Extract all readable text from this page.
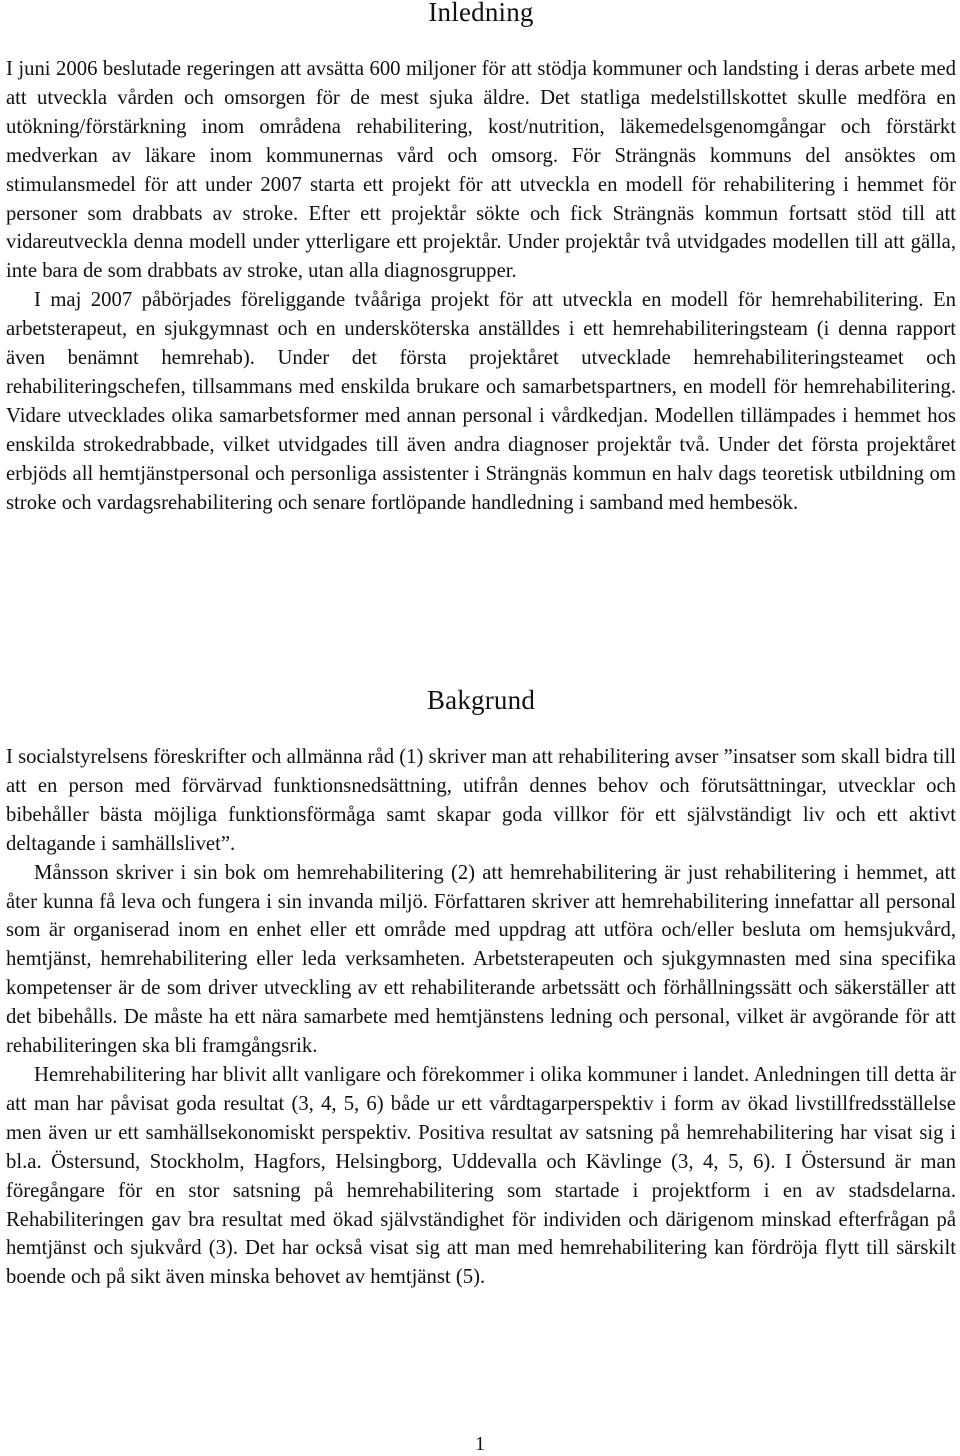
Inledning

I juni 2006 beslutade regeringen att avsätta 600 miljoner för att stödja kommuner och landsting i deras arbete med att utveckla vården och omsorgen för de mest sjuka äldre. Det statliga medelstillskottet skulle medföra en utökning/förstärkning inom områdena rehabilitering, kost/nutrition, läkemedelsgenomgångar och förstärkt medverkan av läkare inom kommunernas vård och omsorg. För Strängnäs kommuns del ansöktes om stimulansmedel för att under 2007 starta ett projekt för att utveckla en modell för rehabilitering i hemmet för personer som drabbats av stroke. Efter ett projektår sökte och fick Strängnäs kommun fortsatt stöd till att vidareutveckla denna modell under ytterligare ett projektår. Under projektår två utvidgades modellen till att gälla, inte bara de som drabbats av stroke, utan alla diagnosgrupper.

I maj 2007 påbörjades föreliggande tvååriga projekt för att utveckla en modell för hemrehabilitering. En arbetsterapeut, en sjukgymnast och en undersköterska anställdes i ett hemrehabiliteringsteam (i denna rapport även benämnt hemrehab). Under det första projektåret utvecklade hemrehabiliteringsteamet och rehabiliteringschefen, tillsammans med enskilda brukare och samarbetspartners, en modell för hemrehabilitering. Vidare utvecklades olika samarbetsformer med annan personal i vårdkedjan. Modellen tillämpades i hemmet hos enskilda strokedrabbade, vilket utvidgades till även andra diagnoser projektår två. Under det första projektåret erbjöds all hemtjänstpersonal och personliga assistenter i Strängnäs kommun en halv dags teoretisk utbildning om stroke och vardagsrehabilitering och senare fortlöpande handledning i samband med hembesök.

Bakgrund

I socialstyrelsens föreskrifter och allmänna råd (1) skriver man att rehabilitering avser ”insatser som skall bidra till att en person med förvärvad funktionsnedsättning, utifrån dennes behov och förutsättningar, utvecklar och bibehåller bästa möjliga funktionsförmåga samt skapar goda villkor för ett självständigt liv och ett aktivt deltagande i samhällslivet”.

Månsson skriver i sin bok om hemrehabilitering (2) att hemrehabilitering är just rehabilitering i hemmet, att åter kunna få leva och fungera i sin invanda miljö. Författaren skriver att hemrehabilitering innefattar all personal som är organiserad inom en enhet eller ett område med uppdrag att utföra och/eller besluta om hemsjukvård, hemtjänst, hemrehabilitering eller leda verksamheten. Arbetsterapeuten och sjukgymnasten med sina specifika kompetenser är de som driver utveckling av ett rehabiliterande arbetssätt och förhållningssätt och säkerställer att det bibehålls. De måste ha ett nära samarbete med hemtjänstens ledning och personal, vilket är avgörande för att rehabiliteringen ska bli framgångsrik.

Hemrehabilitering har blivit allt vanligare och förekommer i olika kommuner i landet. Anledningen till detta är att man har påvisat goda resultat (3, 4, 5, 6) både ur ett vårdtagarperspektiv i form av ökad livstillfredsställelse men även ur ett samhällsekonomiskt perspektiv. Positiva resultat av satsning på hemrehabilitering har visat sig i bl.a. Östersund, Stockholm, Hagfors, Helsingborg, Uddevalla och Kävlinge (3, 4, 5, 6). I Östersund är man föregångare för en stor satsning på hemrehabilitering som startade i projektform i en av stadsdelarna. Rehabiliteringen gav bra resultat med ökad självständighet för individen och därigenom minskad efterfrågan på hemtjänst och sjukvård (3). Det har också visat sig att man med hemrehabilitering kan fördröja flytt till särskilt boende och på sikt även minska behovet av hemtjänst (5).

1
